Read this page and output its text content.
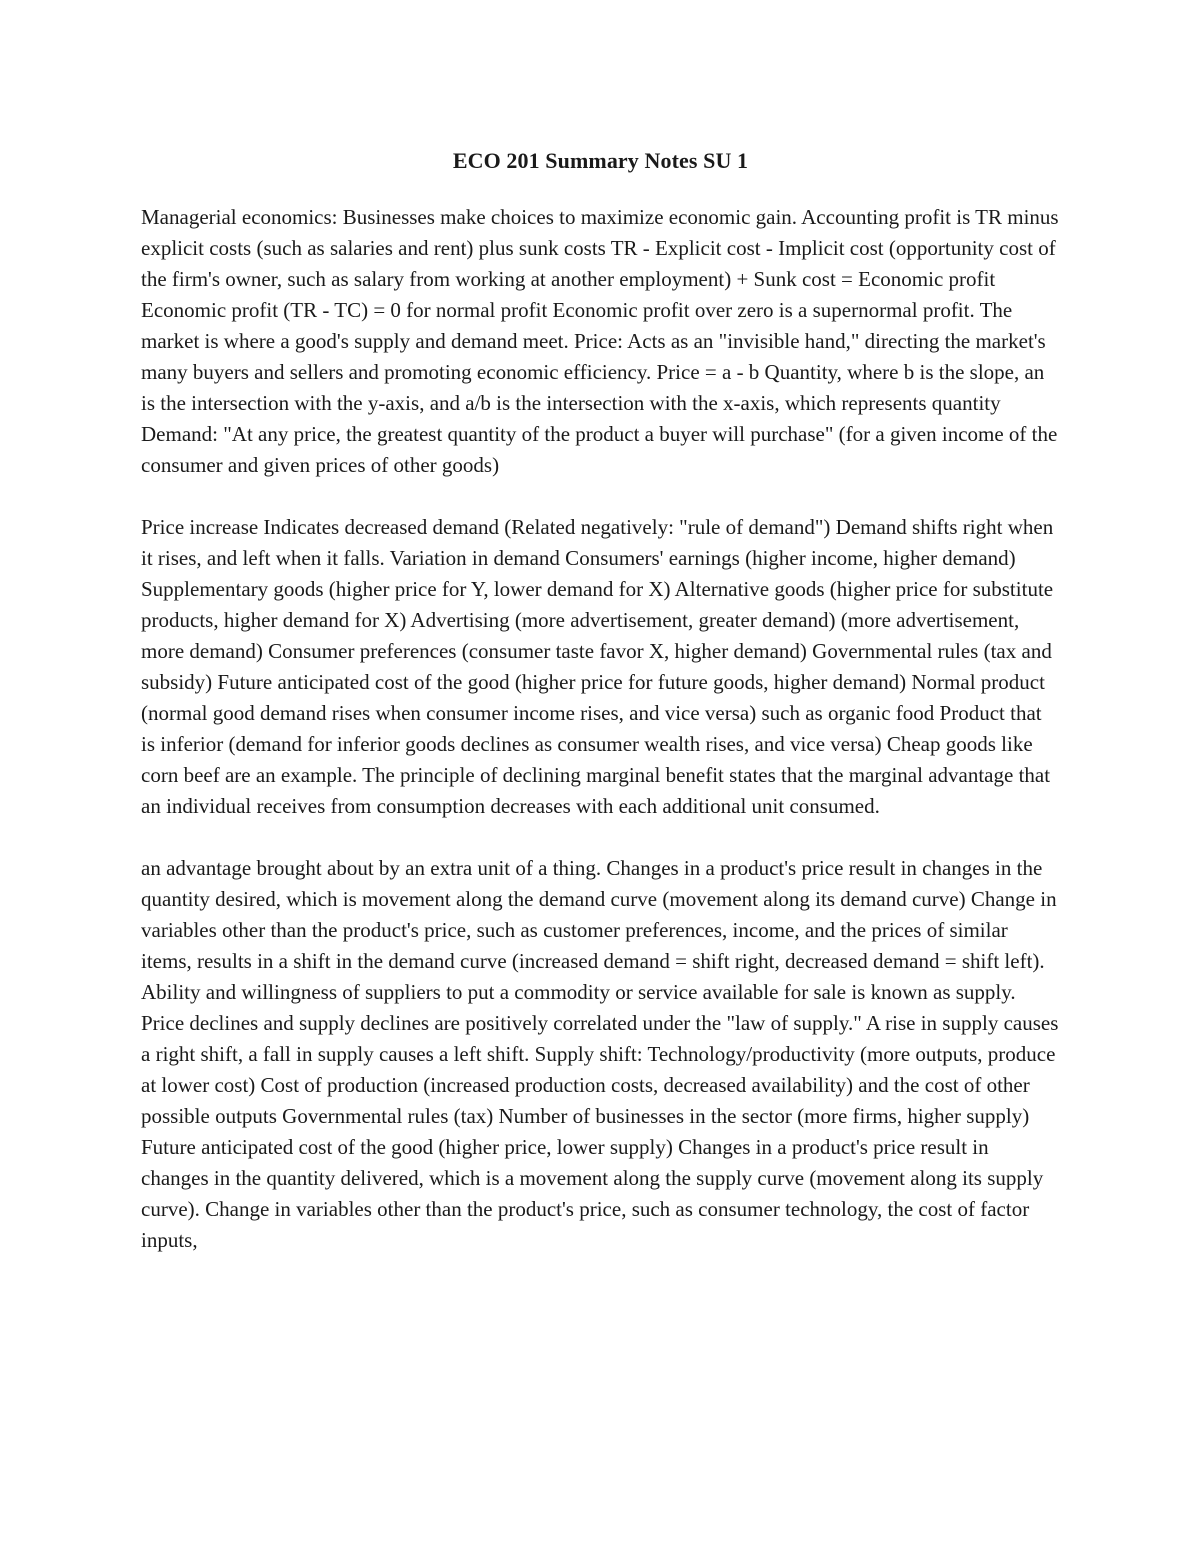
ECO 201 Summary Notes SU 1

Managerial economics: Businesses make choices to maximize economic gain. Accounting profit is TR minus explicit costs (such as salaries and rent) plus sunk costs TR - Explicit cost - Implicit cost (opportunity cost of the firm's owner, such as salary from working at another employment) + Sunk cost = Economic profit Economic profit (TR - TC) = 0 for normal profit Economic profit over zero is a supernormal profit. The market is where a good's supply and demand meet. Price: Acts as an "invisible hand," directing the market's many buyers and sellers and promoting economic efficiency. Price = a - b Quantity, where b is the slope, an is the intersection with the y-axis, and a/b is the intersection with the x-axis, which represents quantity Demand: "At any price, the greatest quantity of the product a buyer will purchase" (for a given income of the consumer and given prices of other goods)

Price increase Indicates decreased demand (Related negatively: "rule of demand") Demand shifts right when it rises, and left when it falls. Variation in demand Consumers' earnings (higher income, higher demand) Supplementary goods (higher price for Y, lower demand for X) Alternative goods (higher price for substitute products, higher demand for X) Advertising (more advertisement, greater demand) (more advertisement, more demand) Consumer preferences (consumer taste favor X, higher demand) Governmental rules (tax and subsidy) Future anticipated cost of the good (higher price for future goods, higher demand) Normal product (normal good demand rises when consumer income rises, and vice versa) such as organic food Product that is inferior (demand for inferior goods declines as consumer wealth rises, and vice versa) Cheap goods like corn beef are an example. The principle of declining marginal benefit states that the marginal advantage that an individual receives from consumption decreases with each additional unit consumed.

an advantage brought about by an extra unit of a thing. Changes in a product's price result in changes in the quantity desired, which is movement along the demand curve (movement along its demand curve) Change in variables other than the product's price, such as customer preferences, income, and the prices of similar items, results in a shift in the demand curve (increased demand = shift right, decreased demand = shift left). Ability and willingness of suppliers to put a commodity or service available for sale is known as supply. Price declines and supply declines are positively correlated under the "law of supply." A rise in supply causes a right shift, a fall in supply causes a left shift. Supply shift: Technology/productivity (more outputs, produce at lower cost) Cost of production (increased production costs, decreased availability) and the cost of other possible outputs Governmental rules (tax) Number of businesses in the sector (more firms, higher supply) Future anticipated cost of the good (higher price, lower supply) Changes in a product's price result in changes in the quantity delivered, which is a movement along the supply curve (movement along its supply curve). Change in variables other than the product's price, such as consumer technology, the cost of factor inputs,
